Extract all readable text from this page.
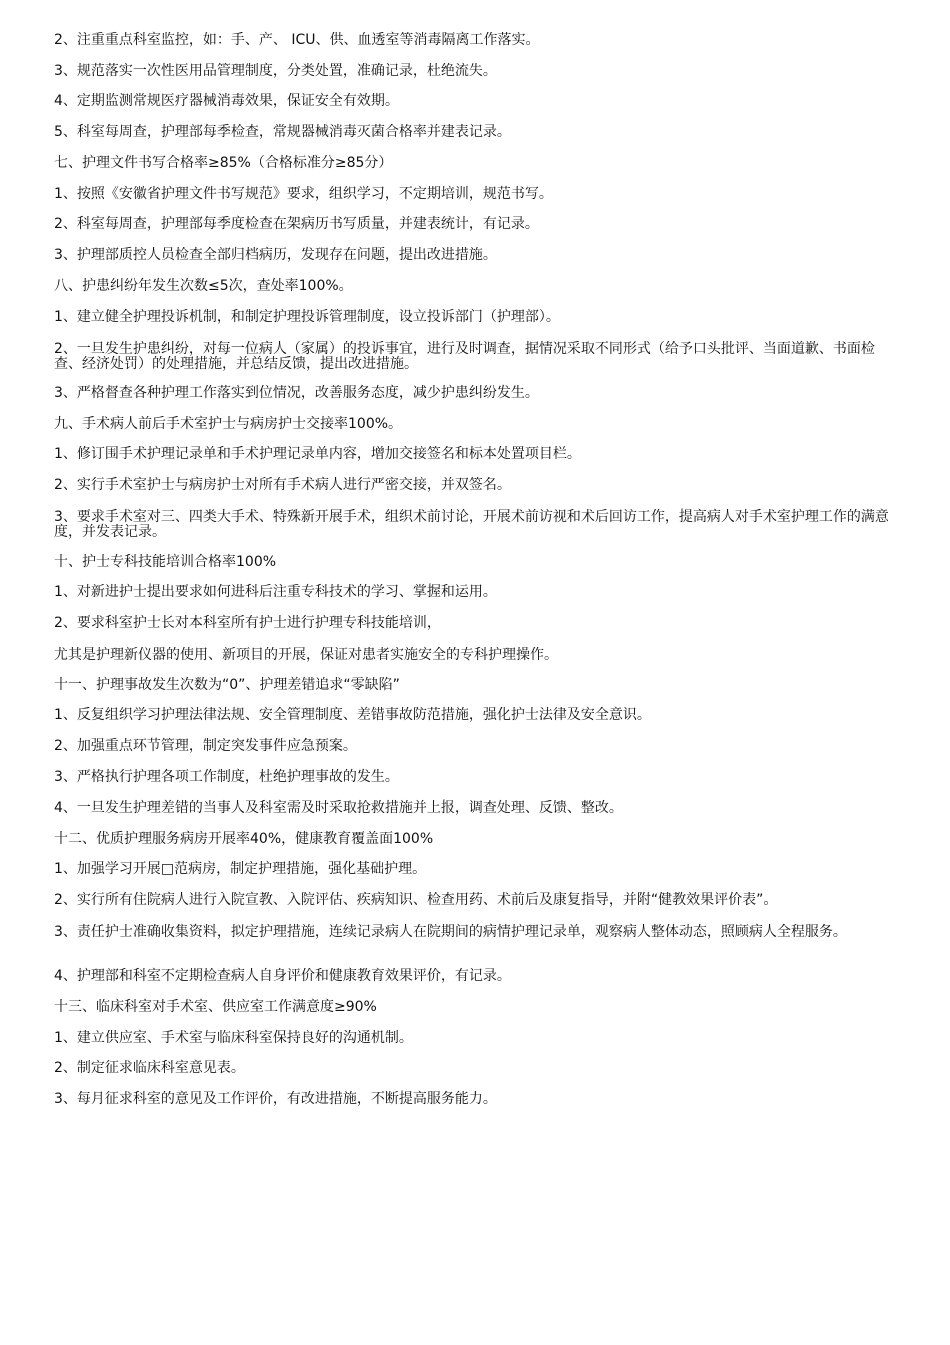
2、注重重点科室监控，如：手、产、 ICU、供、血透室等消毒隔离工作落实。
3、规范落实一次性医用品管理制度，分类处置，准确记录，杜绝流失。
4、定期监测常规医疗器械消毒效果，保证安全有效期。
5、科室每周查，护理部每季检查，常规器械消毒灭菌合格率并建表记录。
七、护理文件书写合格率≥85%（合格标准分≥85分）
1、按照《安徽省护理文件书写规范》要求，组织学习，不定期培训，规范书写。
2、科室每周查，护理部每季度检查在架病历书写质量，并建表统计，有记录。
3、护理部质控人员检查全部归档病历，发现存在问题，提出改进措施。
八、护患纠纷年发生次数≤5次，查处率100%。
1、建立健全护理投诉机制，和制定护理投诉管理制度，设立投诉部门（护理部）。
2、一旦发生护患纠纷，对每一位病人（家属）的投诉事宜，进行及时调查，据情况采取不同形式（给予口头批评、当面道歉、书面检查、经济处罚）的处理措施，并总结反馈，提出改进措施。
3、严格督查各种护理工作落实到位情况，改善服务态度，减少护患纠纷发生。
九、手术病人前后手术室护士与病房护士交接率100%。
1、修订围手术护理记录单和手术护理记录单内容，增加交接签名和标本处置项目栏。
2、实行手术室护士与病房护士对所有手术病人进行严密交接，并双签名。
3、要求手术室对三、四类大手术、特殊新开展手术，组织术前讨论，开展术前访视和术后回访工作，提高病人对手术室护理工作的满意度，并发表记录。
十、护士专科技能培训合格率100%
1、对新进护士提出要求如何进科后注重专科技术的学习、掌握和运用。
2、要求科室护士长对本科室所有护士进行护理专科技能培训，
尤其是护理新仪器的使用、新项目的开展，保证对患者实施安全的专科护理操作。
十一、护理事故发生次数为“0”、护理差错追求“零缺陷”
1、反复组织学习护理法律法规、安全管理制度、差错事故防范措施，强化护士法律及安全意识。
2、加强重点环节管理，制定突发事件应急预案。
3、严格执行护理各项工作制度，杜绝护理事故的发生。
4、一旦发生护理差错的当事人及科室需及时采取抢救措施并上报，调查处理、反馈、整改。
十二、优质护理服务病房开展率40%，健康教育覆盖面100%
1、加强学习开展□范病房，制定护理措施，强化基础护理。
2、实行所有住院病人进行入院宣教、入院评估、疾病知识、检查用药、术前后及康复指导，并附“健教效果评价表”。
3、责任护士准确收集资料，拟定护理措施，连续记录病人在院期间的病情护理记录单，观察病人整体动态，照顾病人全程服务。
4、护理部和科室不定期检查病人自身评价和健康教育效果评价，有记录。
十三、临床科室对手术室、供应室工作满意度≥90%
1、建立供应室、手术室与临床科室保持良好的沟通机制。
2、制定征求临床科室意见表。
3、每月征求科室的意见及工作评价，有改进措施，不断提高服务能力。
